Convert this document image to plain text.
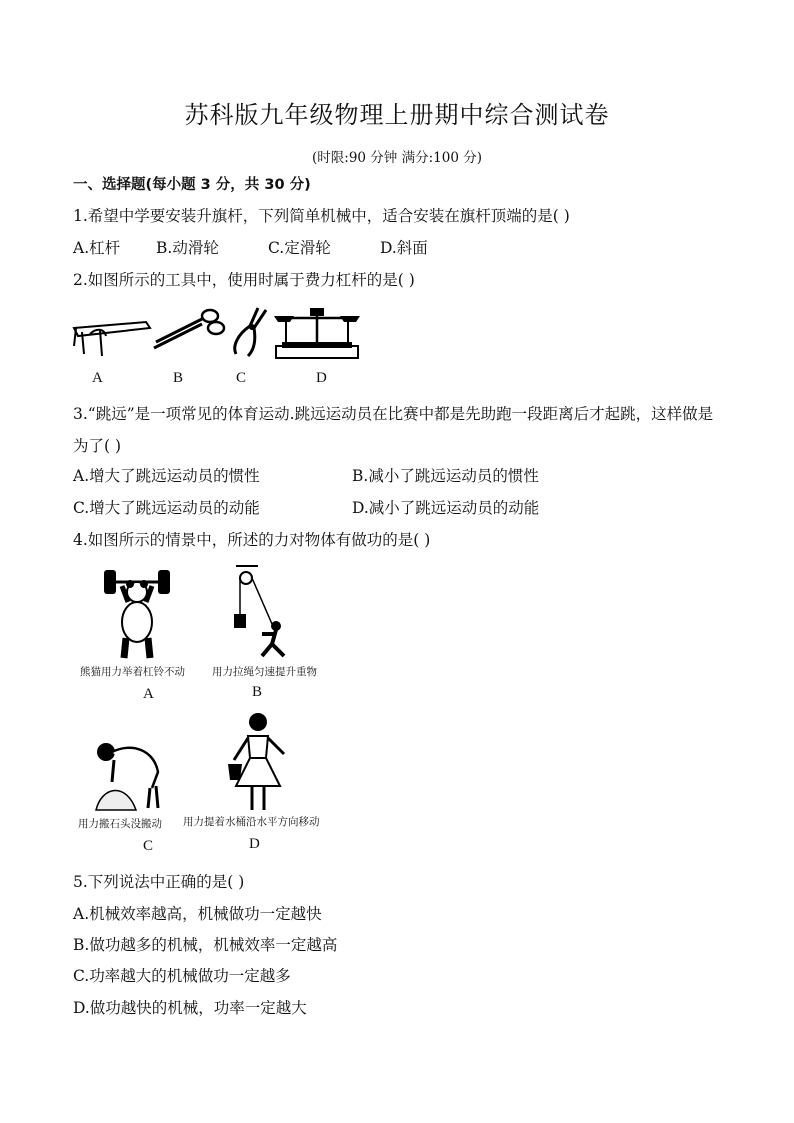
苏科版九年级物理上册期中综合测试卷
(时限:90 分钟 满分:100 分)
一、选择题(每小题 3 分，共 30 分)
1.希望中学要安装升旗杆，下列简单机械中，适合安装在旗杆顶端的是( )
A.杠杆 B.动滑轮	C.定滑轮	D.斜面
2.如图所示的工具中，使用时属于费力杠杆的是( )
A	B	C	D
3.“跳远”是一项常见的体育运动.跳远运动员在比赛中都是先助跑一段距离后才起跳，这样做是
为了( )
A.增大了跳远运动员的惯性	B.减小了跳远运动员的惯性
C.增大了跳远运动员的动能	D.减小了跳远运动员的动能
4.如图所示的情景中，所述的力对物体有做功的是( )
熊猫用力举着杠铃不动	用力拉绳匀速提升重物
A	B
用力搬石头没搬动 用力提着水桶沿水平方向移动
C	D
5.下列说法中正确的是( )
A.机械效率越高，机械做功一定越快
B.做功越多的机械，机械效率一定越高
C.功率越大的机械做功一定越多
D.做功越快的机械，功率一定越大
